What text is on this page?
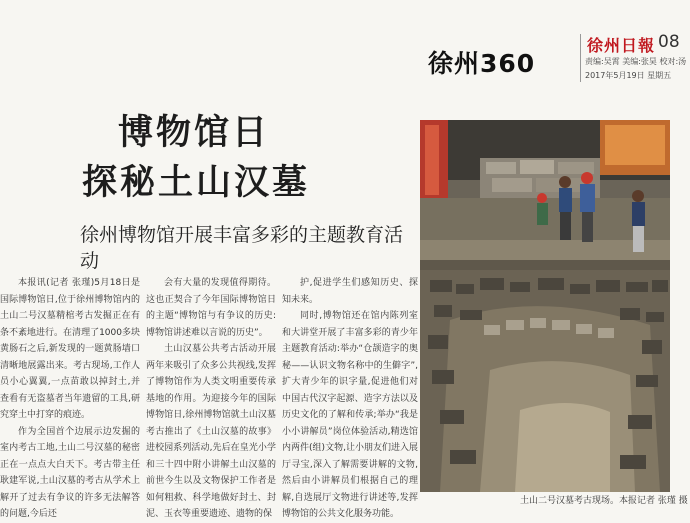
徐州360
徐州日報 08
责编:吴霄 美编:张昊 校对:汤
2017年5月19日 星期五
博物馆日
探秘土山汉墓
徐州博物馆开展丰富多彩的主题教育活动

本报讯(记者 张瑾)5月18日是国际博物馆日,位于徐州博物馆内的土山二号汉墓精棺考古发掘正在有条不紊地进行。在清理了1000多块黄肠石之后,新发现的一题黄肠墙口清晰地展露出来。考古现场,工作人员小心翼翼,一点苗敢以掉封土,并查看有无盗墓者当年遗留的工具,研究穿土中打穿的痕迹。

作为全国首个边展示边发掘的室内考古工地,土山二号汉墓的秘密正在一点点大白天下。考古带主任耿建军说,土山汉墓的考古从学术上解开了过去有争议的许多无法解答的问题,今后还

会有大量的发现值得期待。这也正契合了今年国际博物馆日的主题“博物馆与有争议的历史:博物馆讲述难以言说的历史”。

土山汉墓公共考古活动开展两年来吸引了众多公共视线,发挥了博物馆作为人类文明重要传承基地的作用。为迎接今年的国际博物馆日,徐州博物馆就土山汉墓考古推出了《土山汉墓的故事》进校园系列活动,先后在皇光小学和三十四中附小讲解土山汉墓的前世今生以及文物保护工作者是如何粗救、科学地做好封土、封泥、玉衣等重要遗迹、遗物的保

护,促进学生们感知历史、探知未来。

同时,博物馆还在馆内陈列室和大讲堂开展了丰富多彩的青少年主题教育活动:举办“仓颉造字的奥秘——认识文物名称中的生僻字”,扩大青少年的识字量,促进他们对中国古代汉字起源、造字方法以及历史文化的了解和传承;举办“我是小小讲解员”岗位体验活动,精选馆内两件(组)文物,让小朋友们进入展厅寻宝,深入了解需要讲解的文物,然后由小讲解员们根据自己的理解,自选展厅文物进行讲述等,发挥博物馆的公共文化服务功能。

土山二号汉墓考古现场。本报记者 张瑾 摄
